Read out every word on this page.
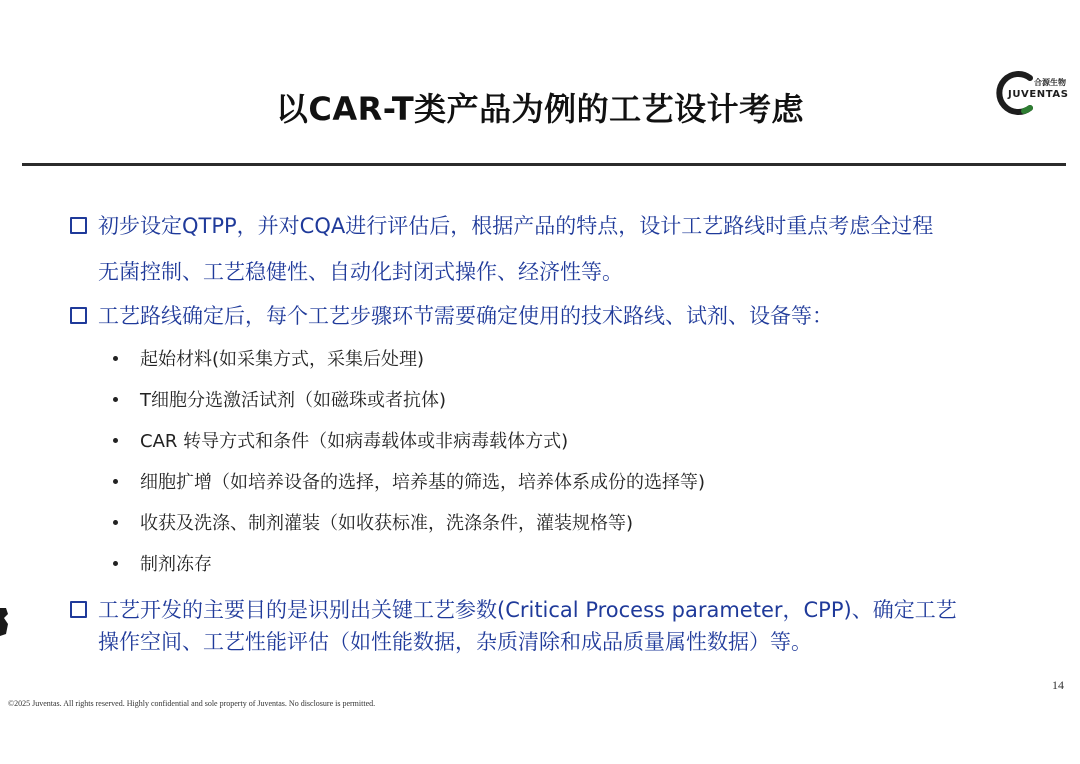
以CAR-T类产品为例的工艺设计考虑
合源生物
JUVENTAS
初步设定QTPP，并对CQA进行评估后，根据产品的特点，设计工艺路线时重点考虑全过程
无菌控制、工艺稳健性、自动化封闭式操作、经济性等。
工艺路线确定后，每个工艺步骤环节需要确定使用的技术路线、试剂、设备等：
起始材料(如采集方式，采集后处理)
T细胞分选激活试剂（如磁珠或者抗体)
CAR 转导方式和条件（如病毒载体或非病毒载体方式)
细胞扩增（如培养设备的选择，培养基的筛选，培养体系成份的选择等)
收获及洗涤、制剂灌装（如收获标准，洗涤条件，灌装规格等)
制剂冻存
工艺开发的主要目的是识别出关键工艺参数(Critical Process parameter，CPP)、确定工艺
操作空间、工艺性能评估（如性能数据，杂质清除和成品质量属性数据）等。
14
©2025 Juventas. All rights reserved. Highly confidential and sole property of Juventas. No disclosure is permitted.
